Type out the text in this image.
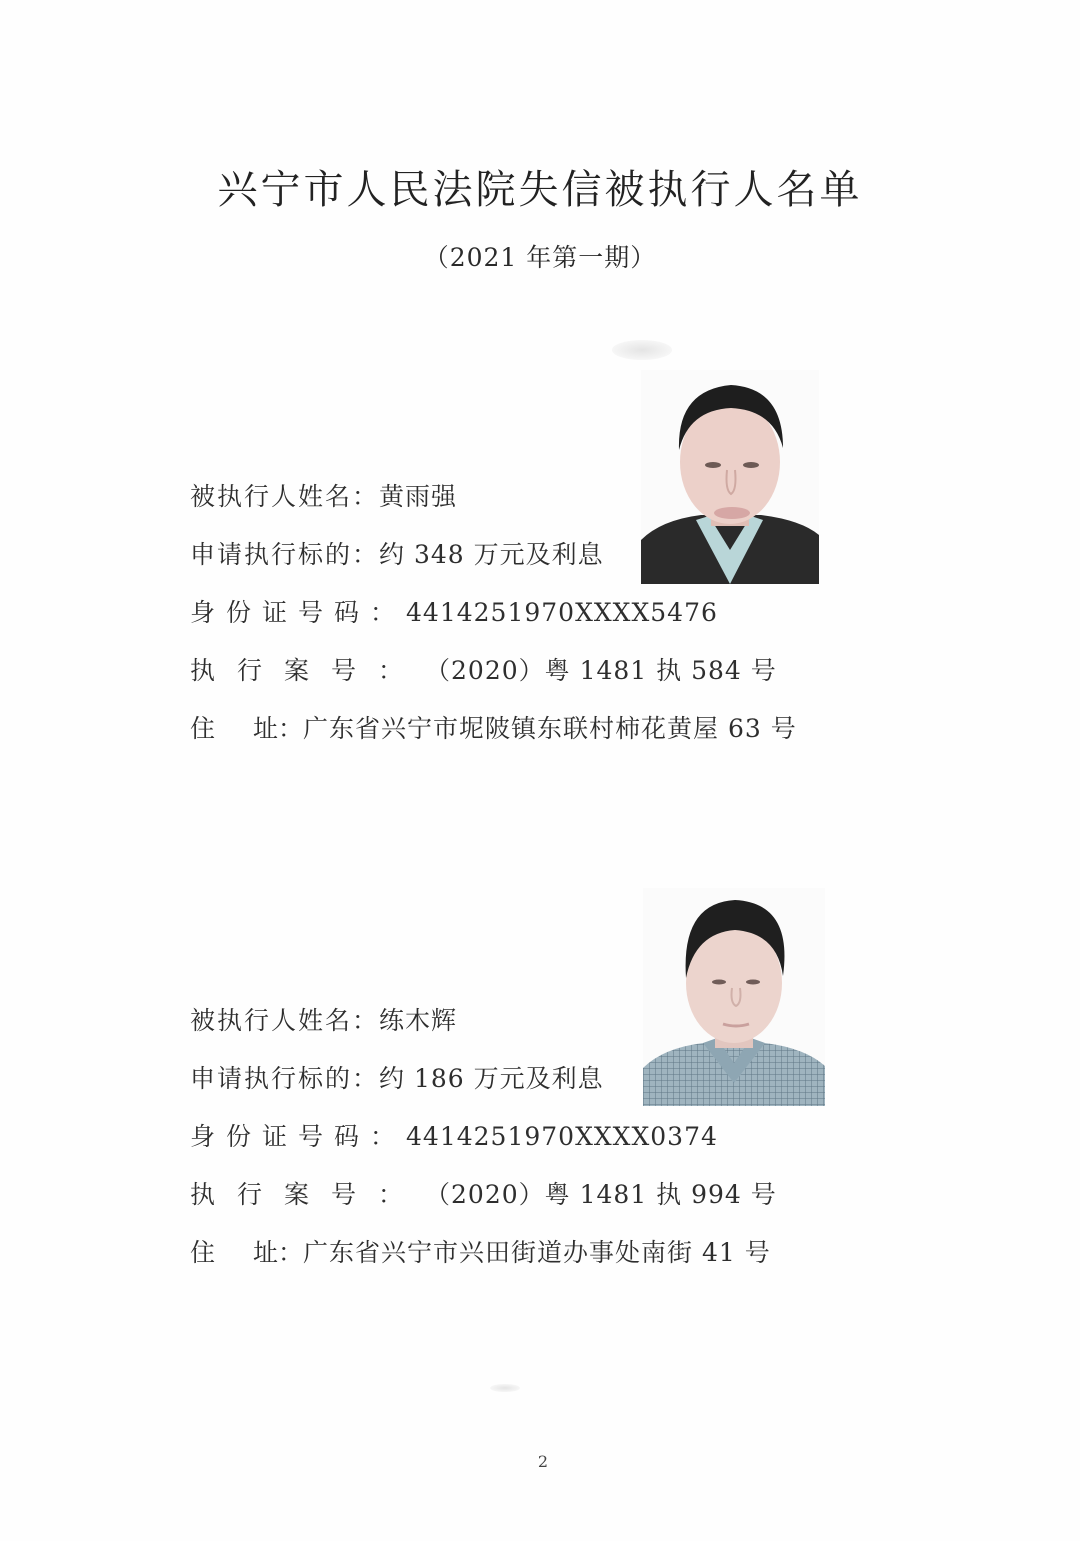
兴宁市人民法院失信被执行人名单
（2021 年第一期）
被执行人姓名：黄雨强
申请执行标的：约 348 万元及利息
身份证号码：4414251970XXXX5476
执行案号：（2020）粤 1481 执 584 号
住 址：广东省兴宁市坭陂镇东联村柿花黄屋 63 号
被执行人姓名：练木辉
申请执行标的：约 186 万元及利息
身份证号码：4414251970XXXX0374
执行案号：（2020）粤 1481 执 994 号
住 址：广东省兴宁市兴田街道办事处南街 41 号
2
